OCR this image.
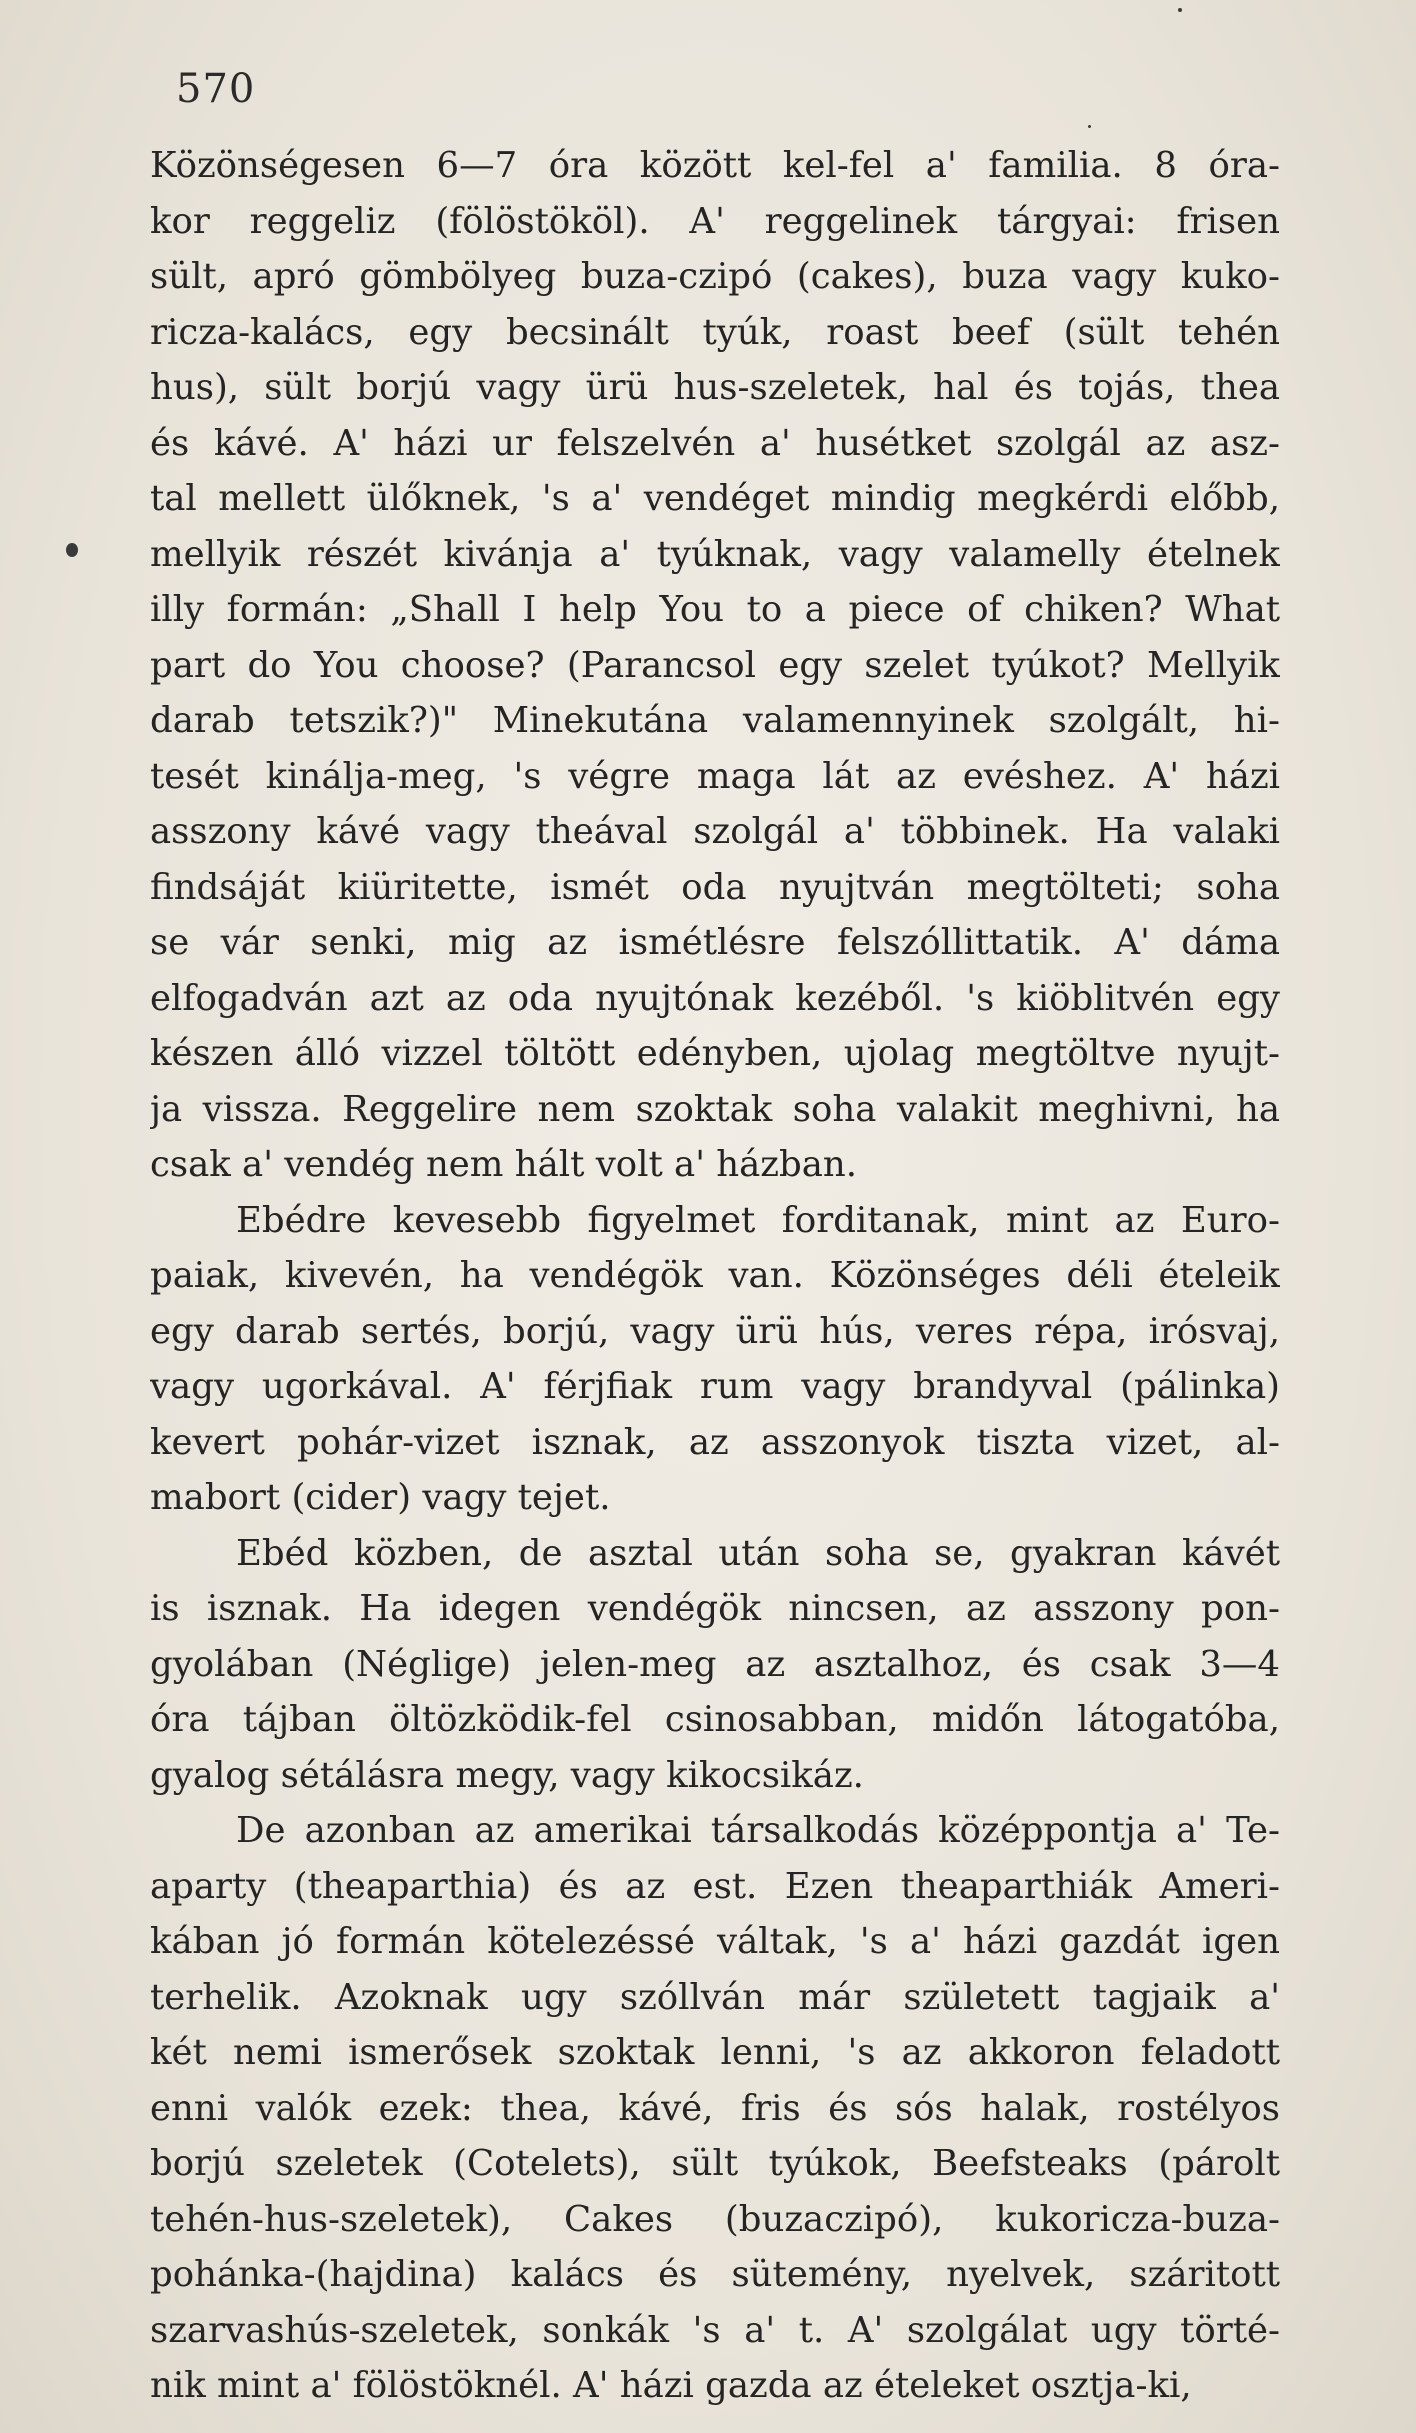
570
Közönségesen 6—7 óra között kel-fel a' familia. 8 óra-
kor reggeliz (fölöstököl). A' reggelinek tárgyai: frisen
sült, apró gömbölyeg buza-czipó (cakes), buza vagy kuko-
ricza-kalács, egy becsinált tyúk, roast beef (sült tehén
hus), sült borjú vagy ürü hus-szeletek, hal és tojás, thea
és kávé. A' házi ur felszelvén a' husétket szolgál az asz-
tal mellett ülőknek, 's a' vendéget mindig megkérdi előbb,
mellyik részét kivánja a' tyúknak, vagy valamelly ételnek
illy formán: „Shall I help You to a piece of chiken? What
part do You choose? (Parancsol egy szelet tyúkot? Mellyik
darab tetszik?)" Minekutána valamennyinek szolgált, hi-
tesét kinálja-meg, 's végre maga lát az evéshez. A' házi
asszony kávé vagy theával szolgál a' többinek. Ha valaki
findsáját kiüritette, ismét oda nyujtván megtölteti; soha
se vár senki, mig az ismétlésre felszóllittatik. A' dáma
elfogadván azt az oda nyujtónak kezéből. 's kiöblitvén egy
készen álló vizzel töltött edényben, ujolag megtöltve nyujt-
ja vissza. Reggelire nem szoktak soha valakit meghivni, ha
csak a' vendég nem hált volt a' házban.
Ebédre kevesebb figyelmet forditanak, mint az Euro-
paiak, kivevén, ha vendégök van. Közönséges déli ételeik
egy darab sertés, borjú, vagy ürü hús, veres répa, irósvaj,
vagy ugorkával. A' férjfiak rum vagy brandyval (pálinka)
kevert pohár-vizet isznak, az asszonyok tiszta vizet, al-
mabort (cider) vagy tejet.
Ebéd közben, de asztal után soha se, gyakran kávét
is isznak. Ha idegen vendégök nincsen, az asszony pon-
gyolában (Néglige) jelen-meg az asztalhoz, és csak 3—4
óra tájban öltözködik-fel csinosabban, midőn látogatóba,
gyalog sétálásra megy, vagy kikocsikáz.
De azonban az amerikai társalkodás középpontja a' Te-
aparty (theaparthia) és az est. Ezen theaparthiák Ameri-
kában jó formán kötelezéssé váltak, 's a' házi gazdát igen
terhelik. Azoknak ugy szóllván már született tagjaik a'
két nemi ismerősek szoktak lenni, 's az akkoron feladott
enni valók ezek: thea, kávé, fris és sós halak, rostélyos
borjú szeletek (Cotelets), sült tyúkok, Beefsteaks (párolt
tehén-hus-szeletek), Cakes (buzaczipó), kukoricza-buza-
pohánka-(hajdina) kalács és sütemény, nyelvek, száritott
szarvashús-szeletek, sonkák 's a' t. A' szolgálat ugy törté-
nik mint a' fölöstöknél. A' házi gazda az ételeket osztja-ki,
